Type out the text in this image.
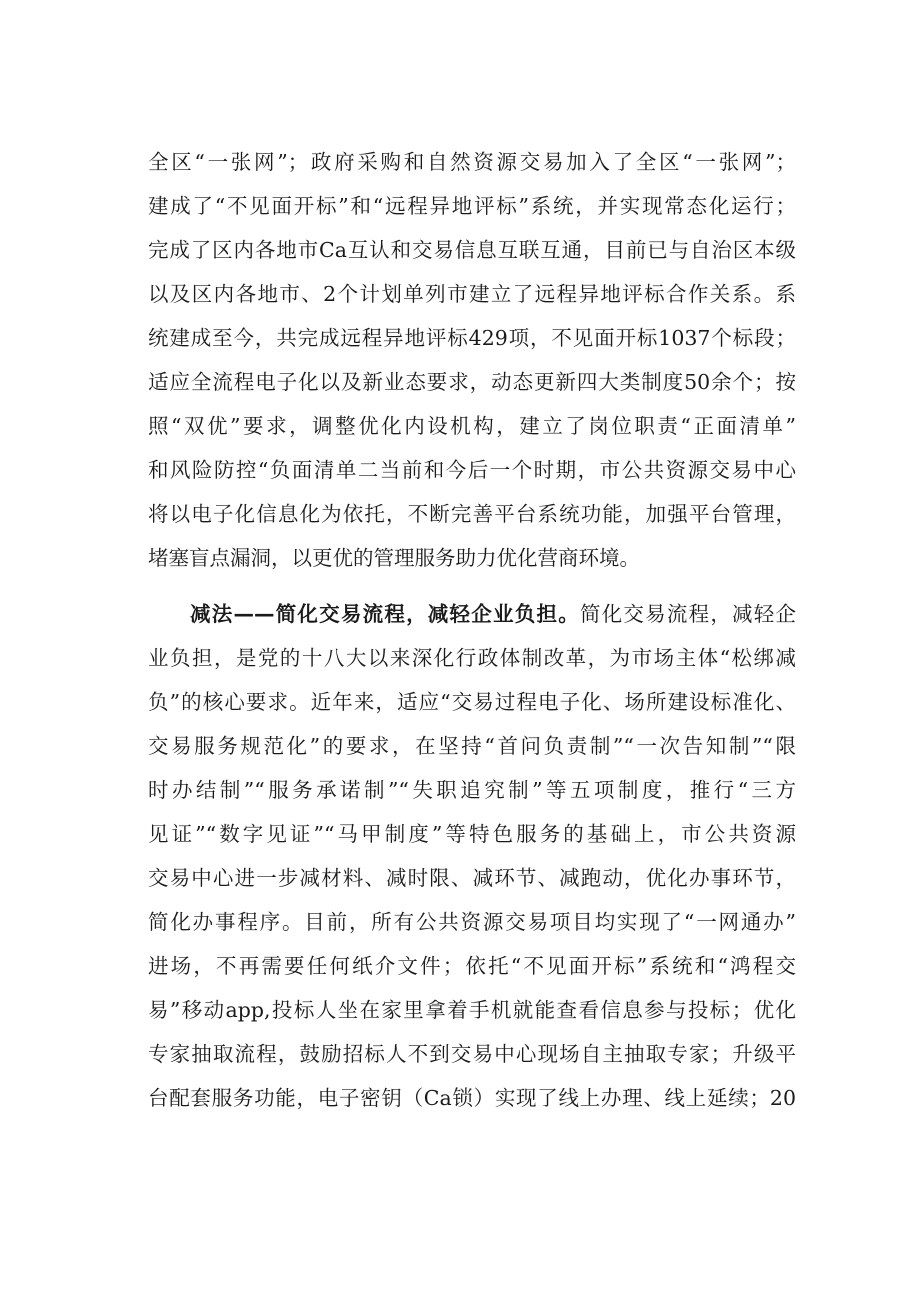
全区“一张网”；政府采购和自然资源交易加入了全区“一张网”；
建成了“不见面开标”和“远程异地评标”系统，并实现常态化运行；
完成了区内各地市Ca互认和交易信息互联互通，目前已与自治区本级
以及区内各地市、2个计划单列市建立了远程异地评标合作关系。系
统建成至今，共完成远程异地评标429项，不见面开标1037个标段；
适应全流程电子化以及新业态要求，动态更新四大类制度50余个；按
照“双优”要求，调整优化内设机构，建立了岗位职责“正面清单”
和风险防控“负面清单二当前和今后一个时期，市公共资源交易中心
将以电子化信息化为依托，不断完善平台系统功能，加强平台管理，
堵塞盲点漏洞，以更优的管理服务助力优化营商环境。
减法——简化交易流程，减轻企业负担。简化交易流程，减轻企
业负担，是党的十八大以来深化行政体制改革，为市场主体“松绑减
负”的核心要求。近年来，适应“交易过程电子化、场所建设标准化、
交易服务规范化”的要求，在坚持“首问负责制”“一次告知制”“限
时办结制”“服务承诺制”“失职追究制”等五项制度，推行“三方
见证”“数字见证”“马甲制度”等特色服务的基础上，市公共资源
交易中心进一步减材料、减时限、减环节、减跑动，优化办事环节，
简化办事程序。目前，所有公共资源交易项目均实现了“一网通办”
进场，不再需要任何纸介文件；依托“不见面开标”系统和“鸿程交
易”移动app,投标人坐在家里拿着手机就能查看信息参与投标；优化
专家抽取流程，鼓励招标人不到交易中心现场自主抽取专家；升级平
台配套服务功能，电子密钥（Ca锁）实现了线上办理、线上延续；20
